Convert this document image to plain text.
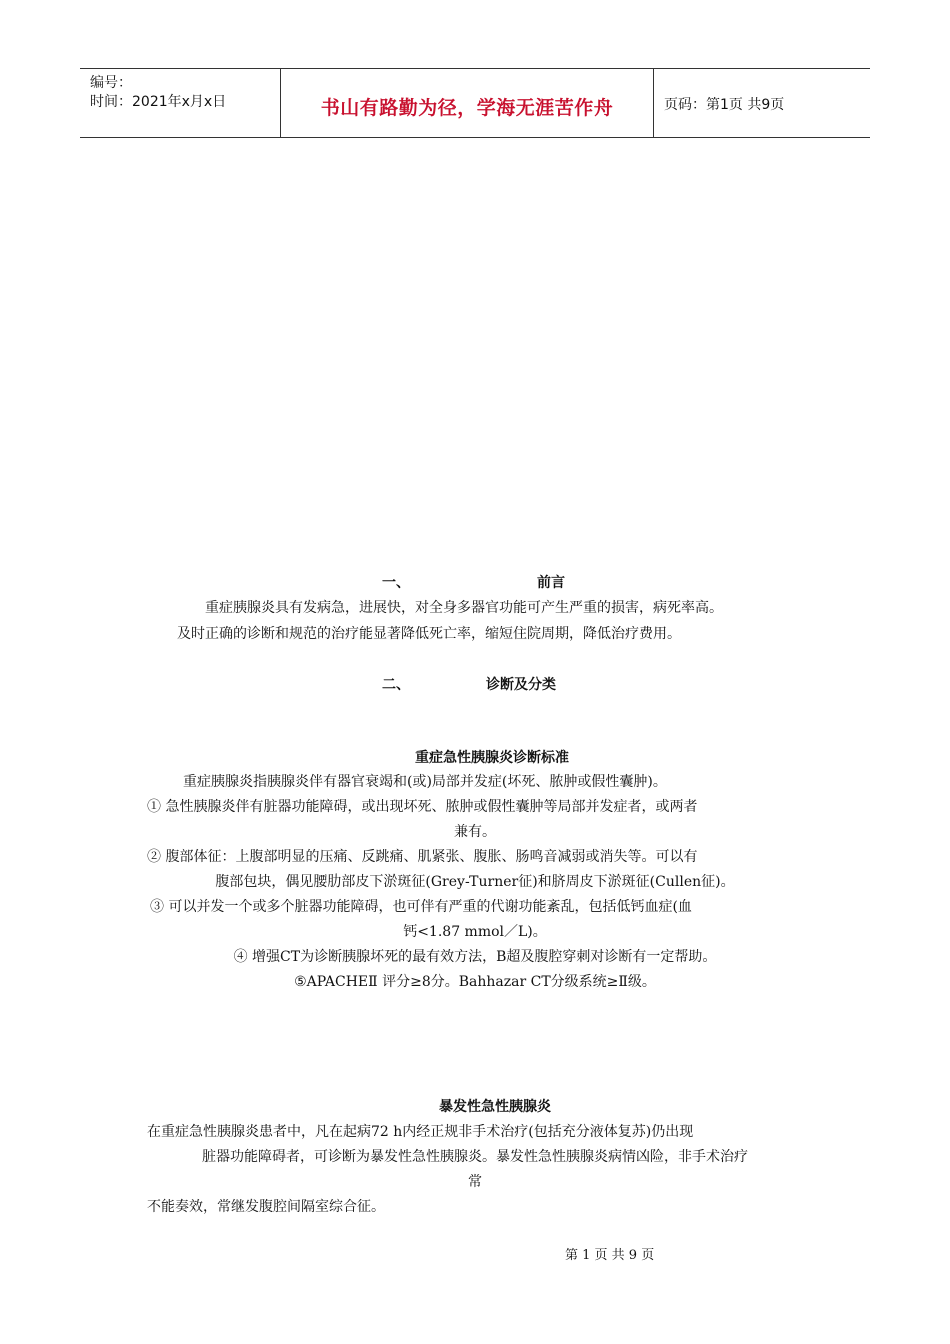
编号：
时间：2021年x月x日	书山有路勤为径，学海无涯苦作舟	页码：第1页 共9页
一、	前言
重症胰腺炎具有发病急，进展快，对全身多器官功能可产生严重的损害，病死率高。
及时正确的诊断和规范的治疗能显著降低死亡率，缩短住院周期，降低治疗费用。
二、	诊断及分类
重症急性胰腺炎诊断标准
重症胰腺炎指胰腺炎伴有器官衰竭和(或)局部并发症(坏死、脓肿或假性囊肿)。
① 急性胰腺炎伴有脏器功能障碍，或出现坏死、脓肿或假性囊肿等局部并发症者，或两者
兼有。
② 腹部体征：上腹部明显的压痛、反跳痛、肌紧张、腹胀、肠鸣音减弱或消失等。可以有
腹部包块，偶见腰肋部皮下淤斑征(Grey-Turner征)和脐周皮下淤斑征(Cullen征)。
③ 可以并发一个或多个脏器功能障碍，也可伴有严重的代谢功能紊乱，包括低钙血症(血
钙<1.87 mmol／L)。
④ 增强CT为诊断胰腺坏死的最有效方法，B超及腹腔穿刺对诊断有一定帮助。
⑤APACHEⅡ 评分≥8分。Bahhazar CT分级系统≥Ⅱ级。
暴发性急性胰腺炎
在重症急性胰腺炎患者中，凡在起病72 h内经正规非手术治疗(包括充分液体复苏)仍出现
脏器功能障碍者，可诊断为暴发性急性胰腺炎。暴发性急性胰腺炎病情凶险，非手术治疗
常
不能奏效，常继发腹腔间隔室综合征。
第 1 页 共 9 页
